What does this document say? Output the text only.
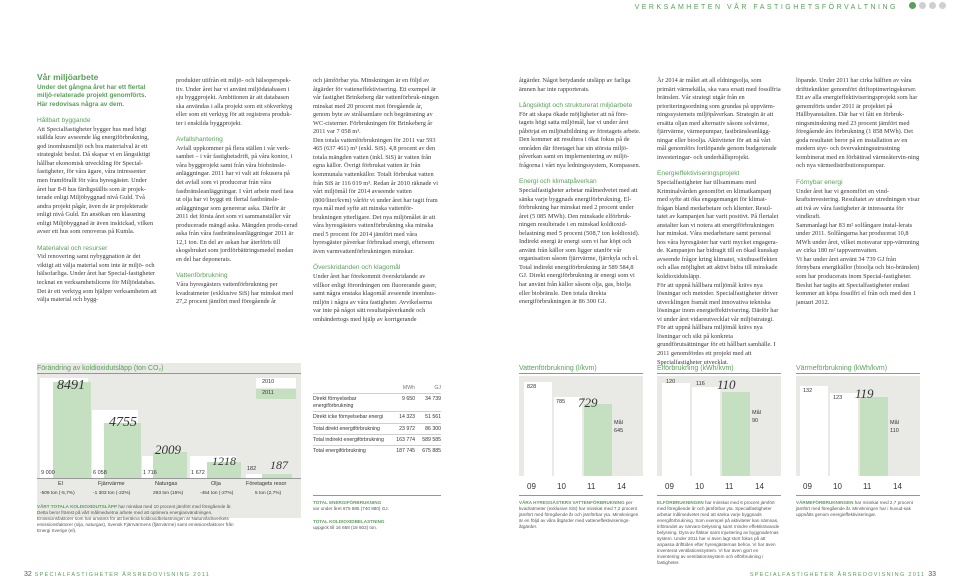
VERKSAMHETEN VÅR FASTIGHETSFÖRVALTNING

Vår miljöarbete

Under det gångna året har ett flertal miljö-relaterade projekt genomförts. Här redovisas några av dem.

Hållbart byggande

Att Specialfastigheter bygger hus med högt ställda krav avseende låg energiförbrukning, god inomhusmiljö och bra materialval är ett strategiskt beslut. Då skapar vi en långsiktigt hållbar ekonomisk utveckling för Special-fastigheter, för våra ägare, våra intressenter men framförallt för våra hyresgäster. Under året har 8-8 hus färdigställts som är projek-terade enligt Miljöbyggnad nivå Guld. Två andra projekt pågår, även de är projekterade enligt nivå Guld. En ansökan om klassning enligt Miljöbyggnad är även inskickad, vilken avser ett hus som renoveras på Kumla.

Materialval och resurser

Vid renovering samt nybyggnation är det viktigt att välja material som inte är miljö- och hälsofarliga. Under året har Special-fastigheter tecknat en verksamhetslicens för Miljödatabas. Det är ett verktyg som hjälper verksamheten att välja material och bygg-

produkter utifrån ett miljö- och hälsoperspek-tiv. Under året har vi använt miljödatabasen i sju byggprojekt. Ambitionen är att databasen ska användas i alla projekt som ett sökverktyg eller som ett verktyg för att registrera produk-ter i enskilda byggprojekt.

Avfallshantering

Avfall uppkommer på flera ställen i vår verk-samhet – i vår fastighetsdrift, på våra kontor, i våra byggprojekt samt från våra biobränsle-anläggningar. 2011 har vi valt att fokusera på det avfall som vi producerar från våra fastbränsleanläggningar. I vårt arbete med fasa ut olja har vi byggt ett flertal fastbränsle-anläggningar som genererar aska. Därför är 2011 det första året som vi sammanställer vår producerade mängd aska. Mängden produ-cerad aska från våra fastbränsleanläggningar 2011 är 12,1 ton. En del av askan har återförts till skogsbruket som jordförbättringsmedel medan en del har deponerats.

Vattenförbrukning

Våra hyresgästers vattenförbrukning per kvadratmeter (exklusive SiS) har minskat med 27,2 procent jämfört med föregående år

och jämförbar yta. Minskningen är en följd av åtgärder för vatteneffektivisering. Ett exempel är vår fastighet Brinkeberg där vattenförbruk-ningen minskat med 20 procent mot föregående år, genom byte av strålsamlare och begränsning av WC-cisterner. Förbrukningen för Brinkeberg år 2011 var 7 058 m³.

Den totala vattenförbrukningen för 2011 var 593 465 (637 461) m³ (exkl. SiS). 4,8 procent av den totala mängden vatten (inkl. SiS) är vatten från egna källor. Övrigt förbrukat vatten är från kommunala vattenkällor. Totalt förbrukat vatten från SiS är 116 019 m³. Redan år 2010 räknade vi vårt miljömål för 2014 avseende vatten (800/liter/kvm) vårför vi under året har tagit fram nya mål med syfte att minska vattenför-brukningen ytterligare. Det nya miljömålet är att våra hyresgästers vattenförbrukning ska minska med 5 procent för 2014 jämfört med våra hyresgäster påverkar förbrukad energi, eftersom även varmvattenförbrukningen minskar.

Överskridanden och klagomål

Under året har förekommit överskridande av villkor enligt förordningen om fluorerande gaser, samt några enstaka klagomål avseende inomhus-miljön i några av våra fastigheter. Avvikelserna var inte på något sätt resultatpåverkande och omhändertogs med hjälp av korrigerande

åtgärder. Något betydande utsläpp av farliga ämnen har inte rapporterats.

Långsiktigt och strukturerat miljöarbete

För att skapa ökade möjligheter att nå före-tagets högt satta miljömål, har vi under året påbörjat en miljöutbildning av företagets arbete. Den kommer att resultera i ökat fokus på de områden där företaget har sin största miljö-påverkan samt en implementering av miljö-frågorna i vårt nya ledningssystem, Kompassen.

Energi och klimatpåverkan

Specialfastigheter arbetar målmedvetet med att sänka varje byggnads energiförbrukning. El-förbrukning har minskat med 2 procent under året (5 085 MWh). Den minskade elförbruk-ningen resulterade i en minskad koldioxid-belastning med 5 procent (508,7 ton koldioxid).

Indirekt energi är energi som vi har köpt och använt från källor som ligger utanför vår organisation såsom fjärrvärme, fjärrkyla och el. Total indirekt energiförbrukning är 589 584,8 GJ. Direkt energiförbrukning är energi som vi har använt från källor såsom olja, gas, biolja eller biobränsle. Den totala direkta energiförbrukningen är 86 300 GJ.

År 2014 är målet att all eldningsolja, som primärt värmekälla, ska vara ersatt med fossilfria bränslen. Vår strategi utgår från en prioriteringsordning som grundas på uppvärm-ningssystemets miljöpåverkan. Strategin är att ersätta oljan med alternativ såsom solvärme, fjärrvärme, värmepumpar, fastbränsleanlägg-ningar eller bioolja. Aktiviteter för att nå vårt mål genomförs fortlöpande genom budgeterade investeringar- och underhållsprojekt.

Energieffektiviseringsprojekt

Specialfastigheter har tillsammans med Kriminalvården genomfört en klimatkampanj med syfte att öka engagemanget för klimat-frågan bland medarbetare och klienter. Resul-tatet av kampanjen har varit positivt. På flertalet anstalter kan vi notera att energiförbrukningen har minskat. Våra medarbetare samt personal hos våra hyresgäster har varit mycket engagera-de. Kampanjen har bidragit till en ökad kunskap avseende frågor kring klimatet, växthuseffekten och allas möjlighet att aktivt bidra till minskade koldioxidutsläpp.

För att uppnå hållbara miljömål krävs nya lösningar och metoder. Specialfastigheter driver utvecklingen framåt med innovativa tekniska lösningar inom energieffektivisering. Därför har vi under året vidareutvecklat vår miljöstrategi.

För att uppnå hållbara miljömål krävs nya lösningar och sikt på konkreta grundförutsättningar för ett hållbart samhälle. I 2011 genomfördes ett projekt med att Specialfastigheter utvecklat.

löpande. Under 2011 har cirka hälften av våra driftteknikter genomfört driftoptimeringskurser. Ett av alla energieffektiviseringsprojekt som har genomförts under 2011 är projektet på Hällbyanstalten. Där har vi fått en förbruk-ningsminskning med 23 procent jämfört med föregående års förbrukning (1 858 MWh). Det goda resultatet beror på en installation av en modern styr- och övervakningsutrustning kombinerat med en förbättrad värmeåtervin-ning och nya värmedistributionspumpar.

Förnybar energi

Under året har vi genomfört en vind-kraftsinvestering. Resultatet av utredningen visar att två av våra fastigheter är intressanta för vindkraft.

Sammanlagt har 83 m² solfångare instal-lerats under 2011. Solfångarna har producerat 10,8 MWh under året, vilket motsvarar upp-värmning av cirka 180 m² tappvarmvatten.

Vi har under året använt 34 739 GJ från förnybara energikällor (bioolja och bio-bränslen) som har producerats inom Special-fastigheter.

Beslut har tagits att Specialfastigheter endast kommer att köpa fossilfri el från och med den 1 januari 2012.

Förändring av koldioxidutsläpp (ton CO₂)
2010
2011
8491
9 000
4755
6 058
2009
1 716
1218
1 672
187
182
El	Fjärrvärme	Naturgas	Olja	Företagets resor
-509 ton (-5,7%)	-1 303 ton (-22%)	293 ton (15%)	-454 ton (-27%)	5 ton (2,7%)
VÅRT TOTALA KOLDIOXIDUTSLÄPP har minskat med 10 procent jämfört med föregående år. Detta beror främst på vårt målmedvetna arbete med att optimera energianvändningen. Emissionsfaktorer som har använts för att beräkna koldioxidbelastningen är Naturvårdsverkets emissionsfaktorer (olja, naturgas), Svensk Fjärrvärmens (fjärrvärme) samt emissionsfaktorer från Energi Sverige (el).
MWh	GJ
Direkt förnyelsebar energiförbrukning
9 650	34 739
Direkt icke förnyelsebar energi	14 323	51 561
Total direkt energiförbrukning	23 972	86 300
Total indirekt energiförbrukning	163 774	589 585
Total energiförbrukning	187 745	675 885
TOTAL ENERGIFÖRBRUKNING
var under året 675 885 (740 880) GJ.
TOTAL KOLDIOXIDBELASTNING
uppgick till 16 658 (18 602) ton.
Vattenförbrukning (l/kvm)
828
785 729
Mål
645
09	10	11	14
VÅRA HYRESGÄSTERS VATTENFÖRBRUKNING per kvadratmeter (exklusive SiS) har minskat med 7,2 procent jämfört med föregående år och jämförbar yta. Minskningen är en följd av våra åtgärder med vatteneffektiviserings-åtgärder.
Elförbrukning (kWh/kvm)
120	116 110
Mål
90
09	10	11	14
ELFÖRBRUKNINGEN har minskat med 6 procent jämfört med föregående år och jämförbar yta. Specialfastigheter arbetar målmedvetet med att sänka varje byggnads energiförbrukning. Som exempel på aktiviteter kan nämnas, införandet av närvaro-belysning samt mindre effektkrävande belysning. Dyra av fläktar samt injustering av byggnadernas system. Under 2011 har vi även lagt stort fokus på att anpassa drifttiden efter hyresgästernas behov. Vi har även inventerat ventilationssystem. Vi har även gjort en inventering av ventilationssystem och elförbrukning i fastigheter.
Värmeförbrukning (kWh/kvm)
132
123 119
Mål
110
09	10	11	14
VÄRMEFÖRBRUKNINGEN har minskat med 2,7 procent jämfört med föregående år. Minskningen har i huvud-sak uppnåtts genom energieffektiviseringar.
32 SPECIALFASTIGHETER ÅRSREDOVISNING 2011	SPECIALFASTIGHETER ÅRSREDOVISNING 2011 33
